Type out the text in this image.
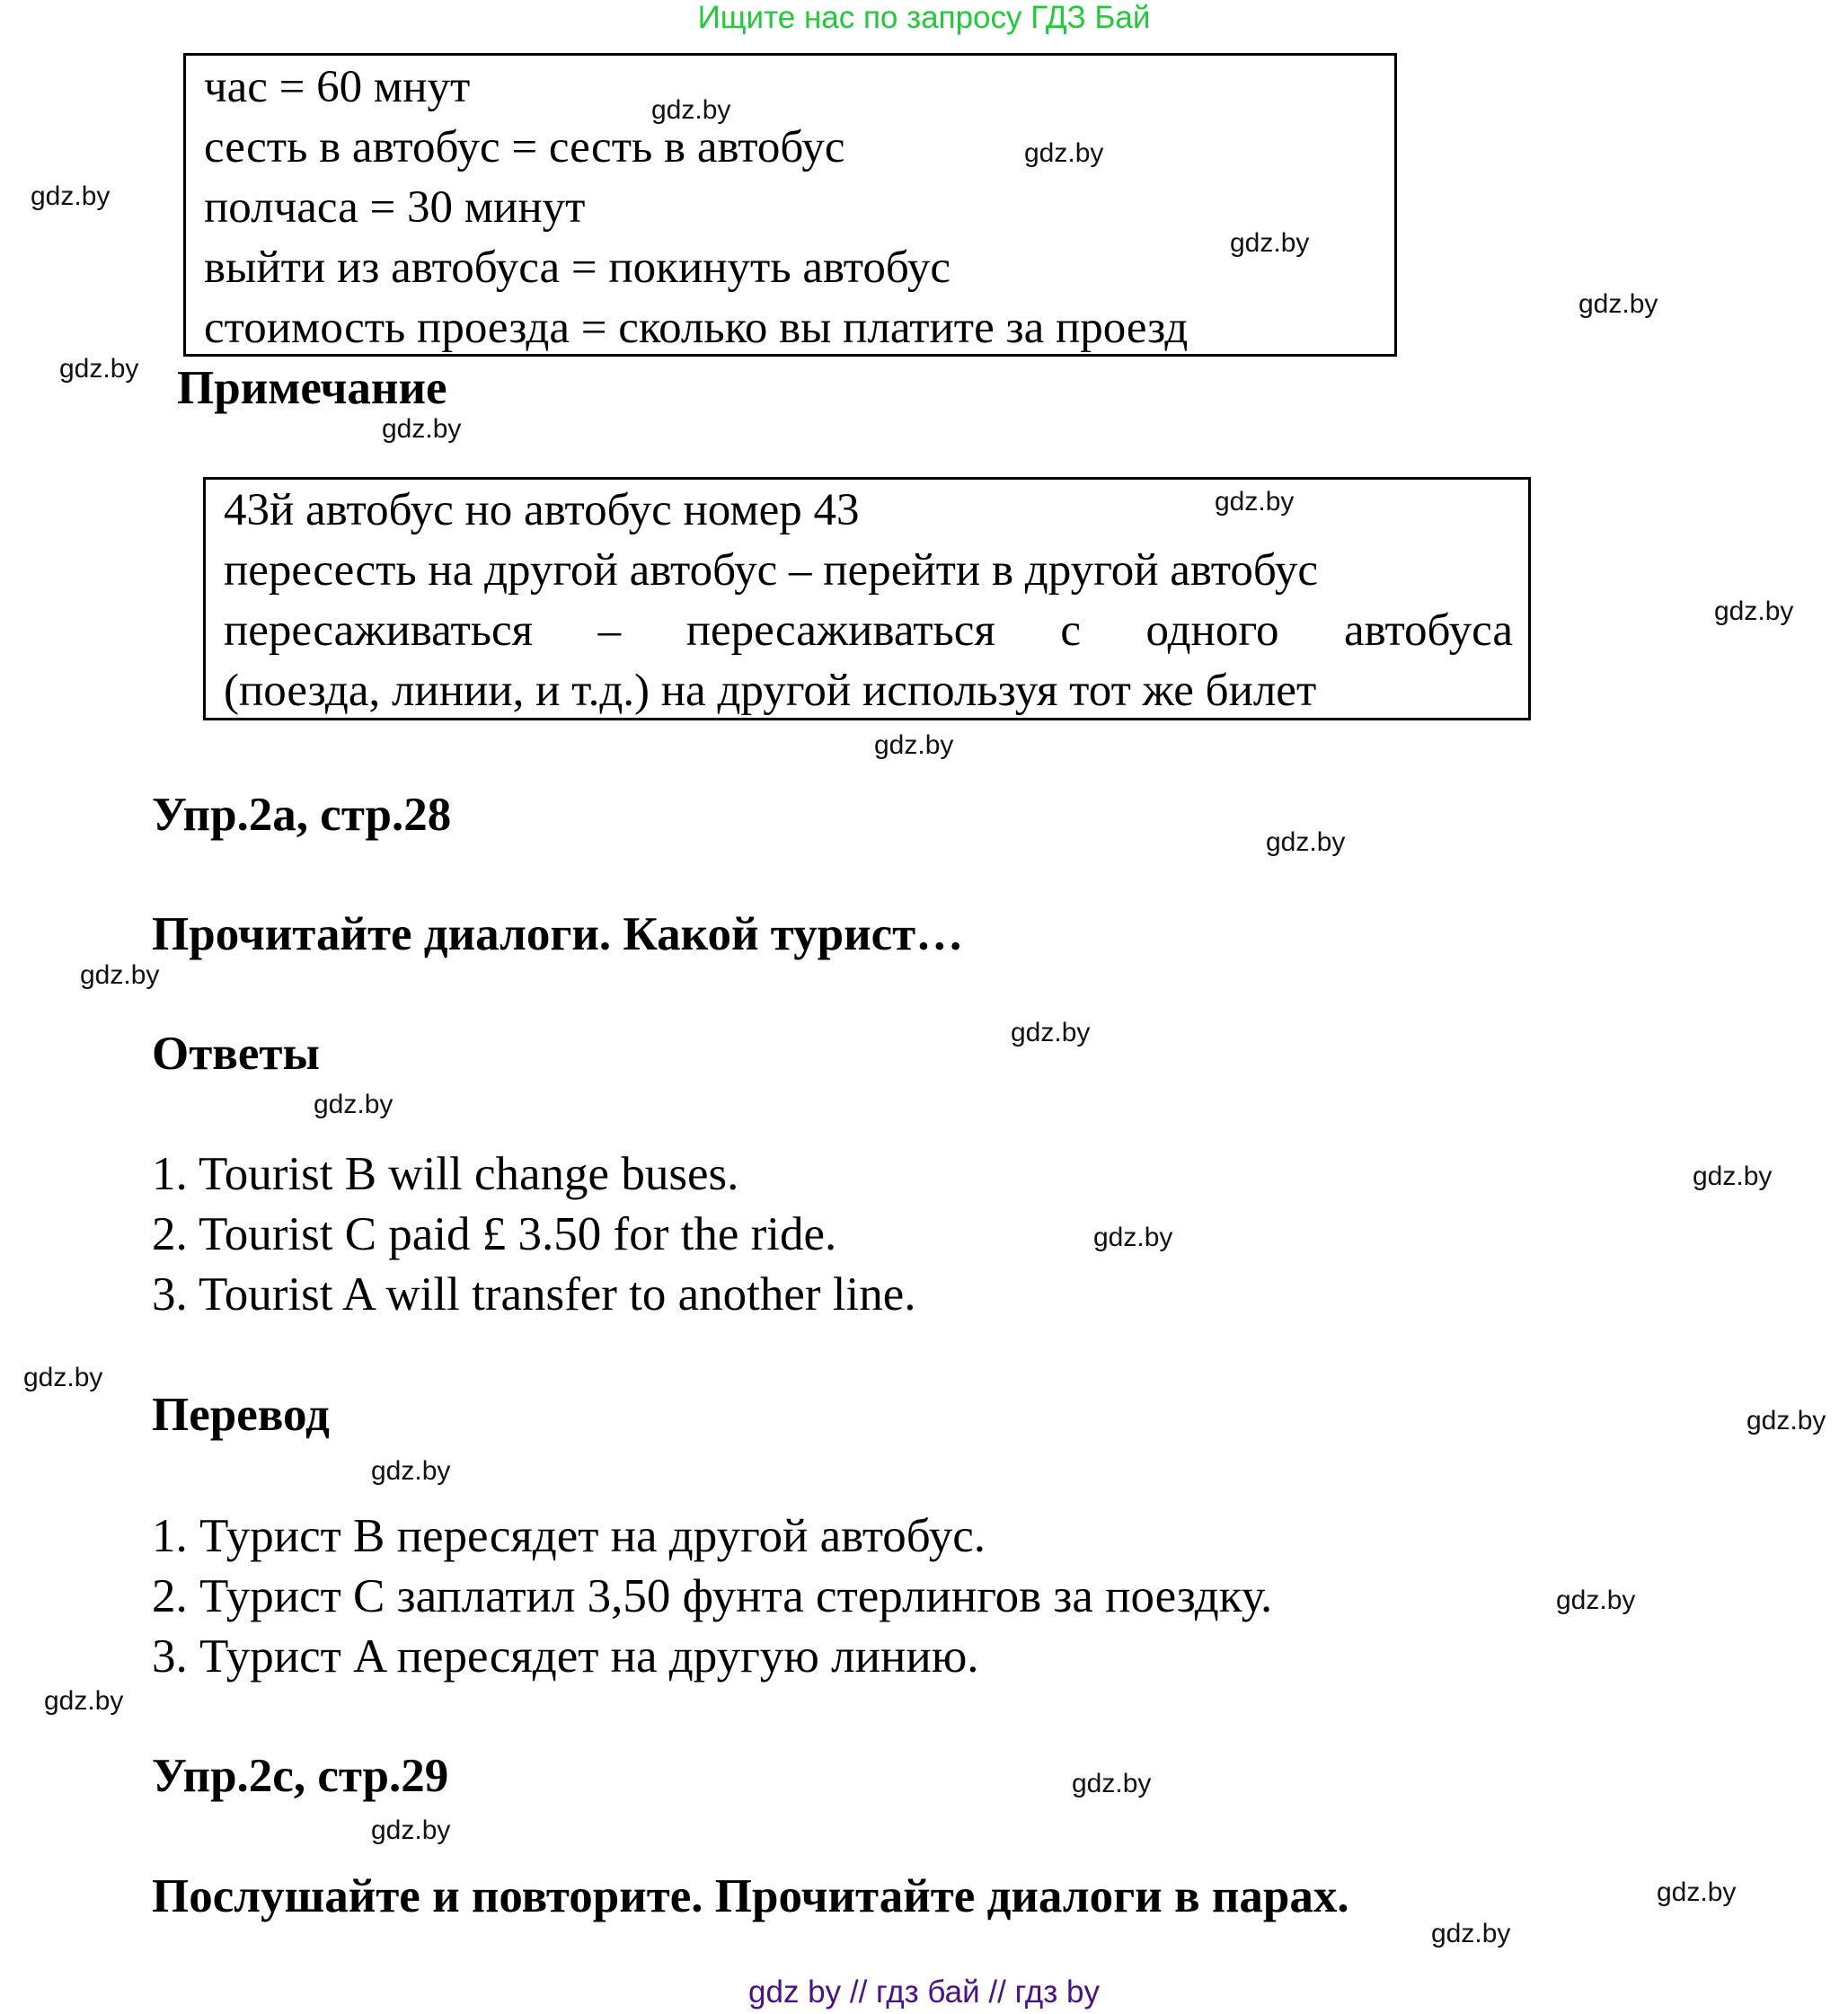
Ищите нас по запросу ГДЗ Бай
час = 60 мнут
сесть в автобус = сесть в автобус
полчаса = 30 минут
выйти из автобуса = покинуть автобус
стоимость проезда = сколько вы платите за проезд
Примечание
43й автобус но автобус номер 43
пересесть на другой автобус – перейти в другой автобус
пересаживаться – пересаживаться с одного автобуса
(поезда, линии, и т.д.) на другой используя тот же билет
Упр.2а, стр.28
Прочитайте диалоги. Какой турист…
Ответы
1. Tourist B will change buses.
2. Tourist C paid £ 3.50 for the ride.
3. Tourist A will transfer to another line.
Перевод
1. Турист B пересядет на другой автобус.
2. Турист C заплатил 3,50 фунта стерлингов за поездку.
3. Турист A пересядет на другую линию.
Упр.2c, стр.29
Послушайте и повторите. Прочитайте диалоги в парах.
gdz.by
gdz.by
gdz.by
gdz.by
gdz.by
gdz.by
gdz.by
gdz.by
gdz.by
gdz.by
gdz.by
gdz.by
gdz.by
gdz.by
gdz.by
gdz.by
gdz.by
gdz.by
gdz.by
gdz.by
gdz.by
gdz.by
gdz.by
gdz.by
gdz.by
gdz by // гдз бай // гдз by
